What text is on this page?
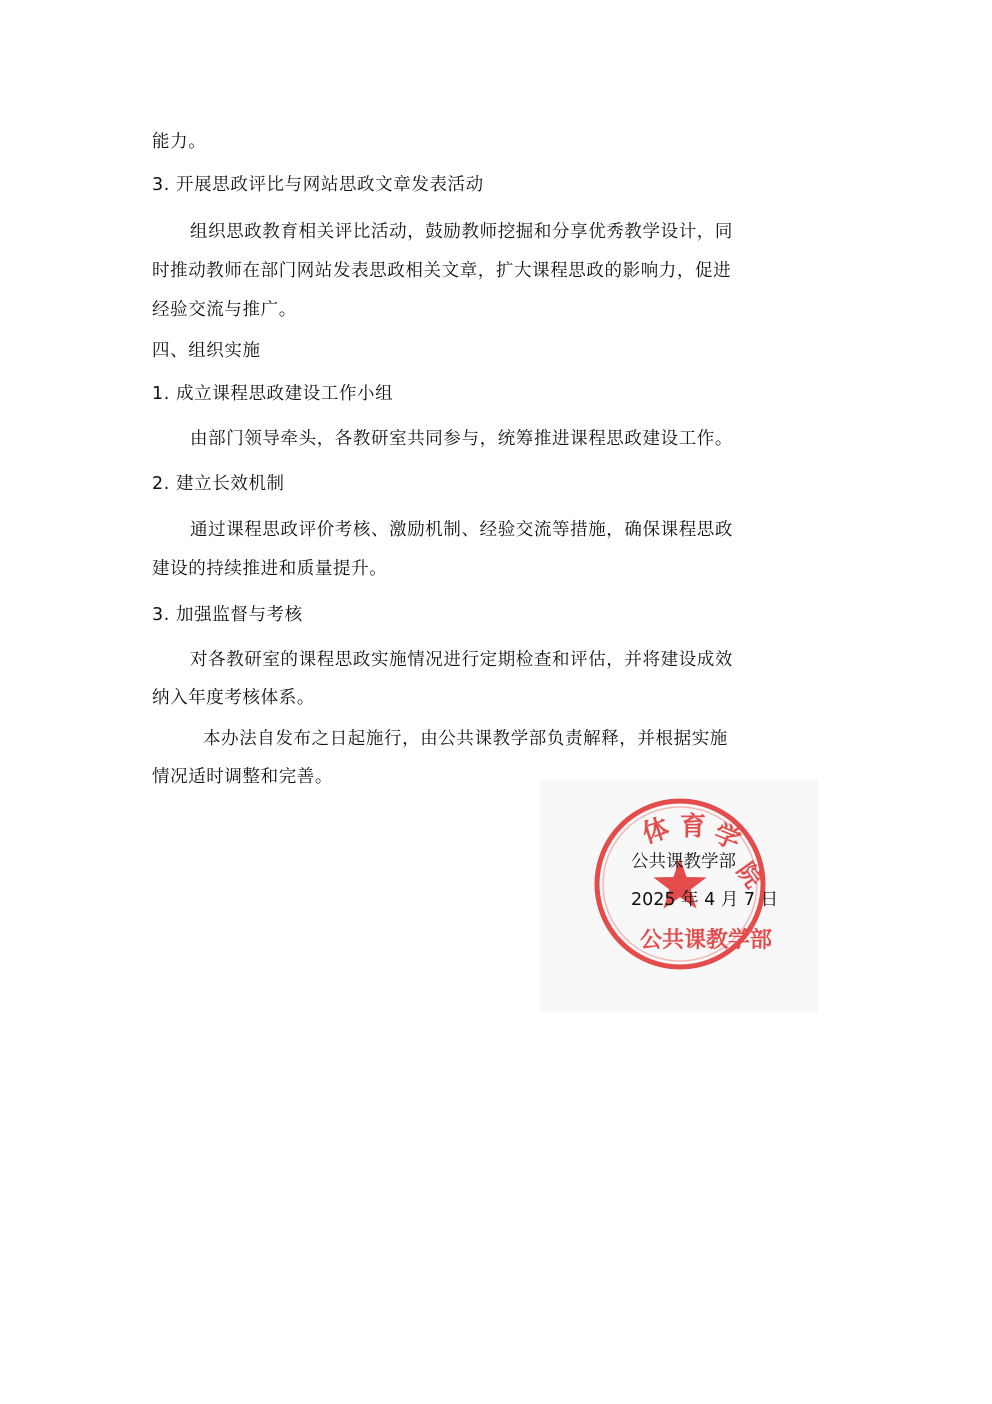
能力。
3. 开展思政评比与网站思政文章发表活动
组织思政教育相关评比活动，鼓励教师挖掘和分享优秀教学设计，同
时推动教师在部门网站发表思政相关文章，扩大课程思政的影响力，促进
经验交流与推广。
四、组织实施
1. 成立课程思政建设工作小组
由部门领导牵头，各教研室共同参与，统筹推进课程思政建设工作。
2. 建立长效机制
通过课程思政评价考核、激励机制、经验交流等措施，确保课程思政
建设的持续推进和质量提升。
3. 加强监督与考核
对各教研室的课程思政实施情况进行定期检查和评估，并将建设成效
纳入年度考核体系。
本办法自发布之日起施行，由公共课教学部负责解释，并根据实施
情况适时调整和完善。
体 育 学
院
公共课教学部
公共课教学部
2025 年 4 月 7 日
